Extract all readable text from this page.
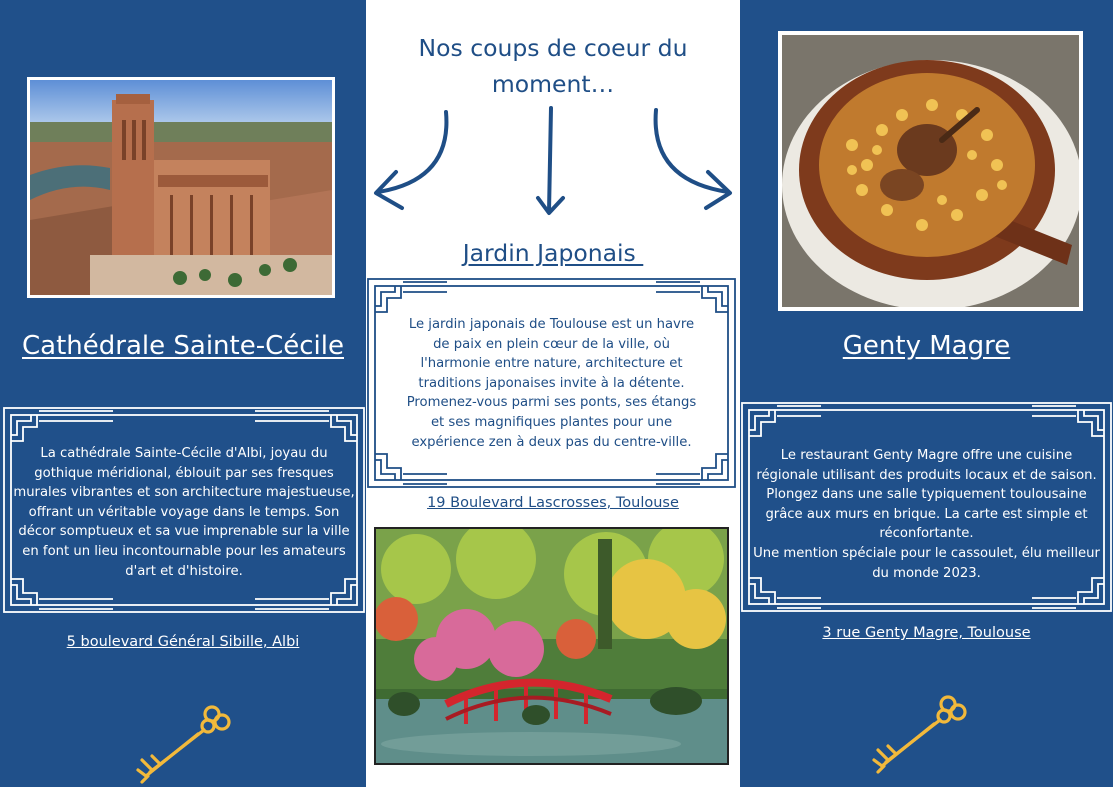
Cathédrale Sainte-Cécile
La cathédrale Sainte-Cécile d'Albi, joyau du
gothique méridional, éblouit par ses fresques
murales vibrantes et son architecture majestueuse,
offrant un véritable voyage dans le temps. Son
décor somptueux et sa vue imprenable sur la ville
en font un lieu incontournable pour les amateurs
d'art et d'histoire.
5 boulevard Général Sibille, Albi
Nos coups de coeur du
moment…
Jardin Japonais
Le jardin japonais de Toulouse est un havre
de paix en plein cœur de la ville, où
l'harmonie entre nature, architecture et
traditions japonaises invite à la détente.
Promenez-vous parmi ses ponts, ses étangs
et ses magnifiques plantes pour une
expérience zen à deux pas du centre-ville.
19 Boulevard Lascrosses, Toulouse
Genty Magre
Le restaurant Genty Magre offre une cuisine
régionale utilisant des produits locaux et de saison.
Plongez dans une salle typiquement toulousaine
grâce aux murs en brique. La carte est simple et
réconfortante.
Une mention spéciale pour le cassoulet, élu meilleur
du monde 2023.
3 rue Genty Magre, Toulouse
